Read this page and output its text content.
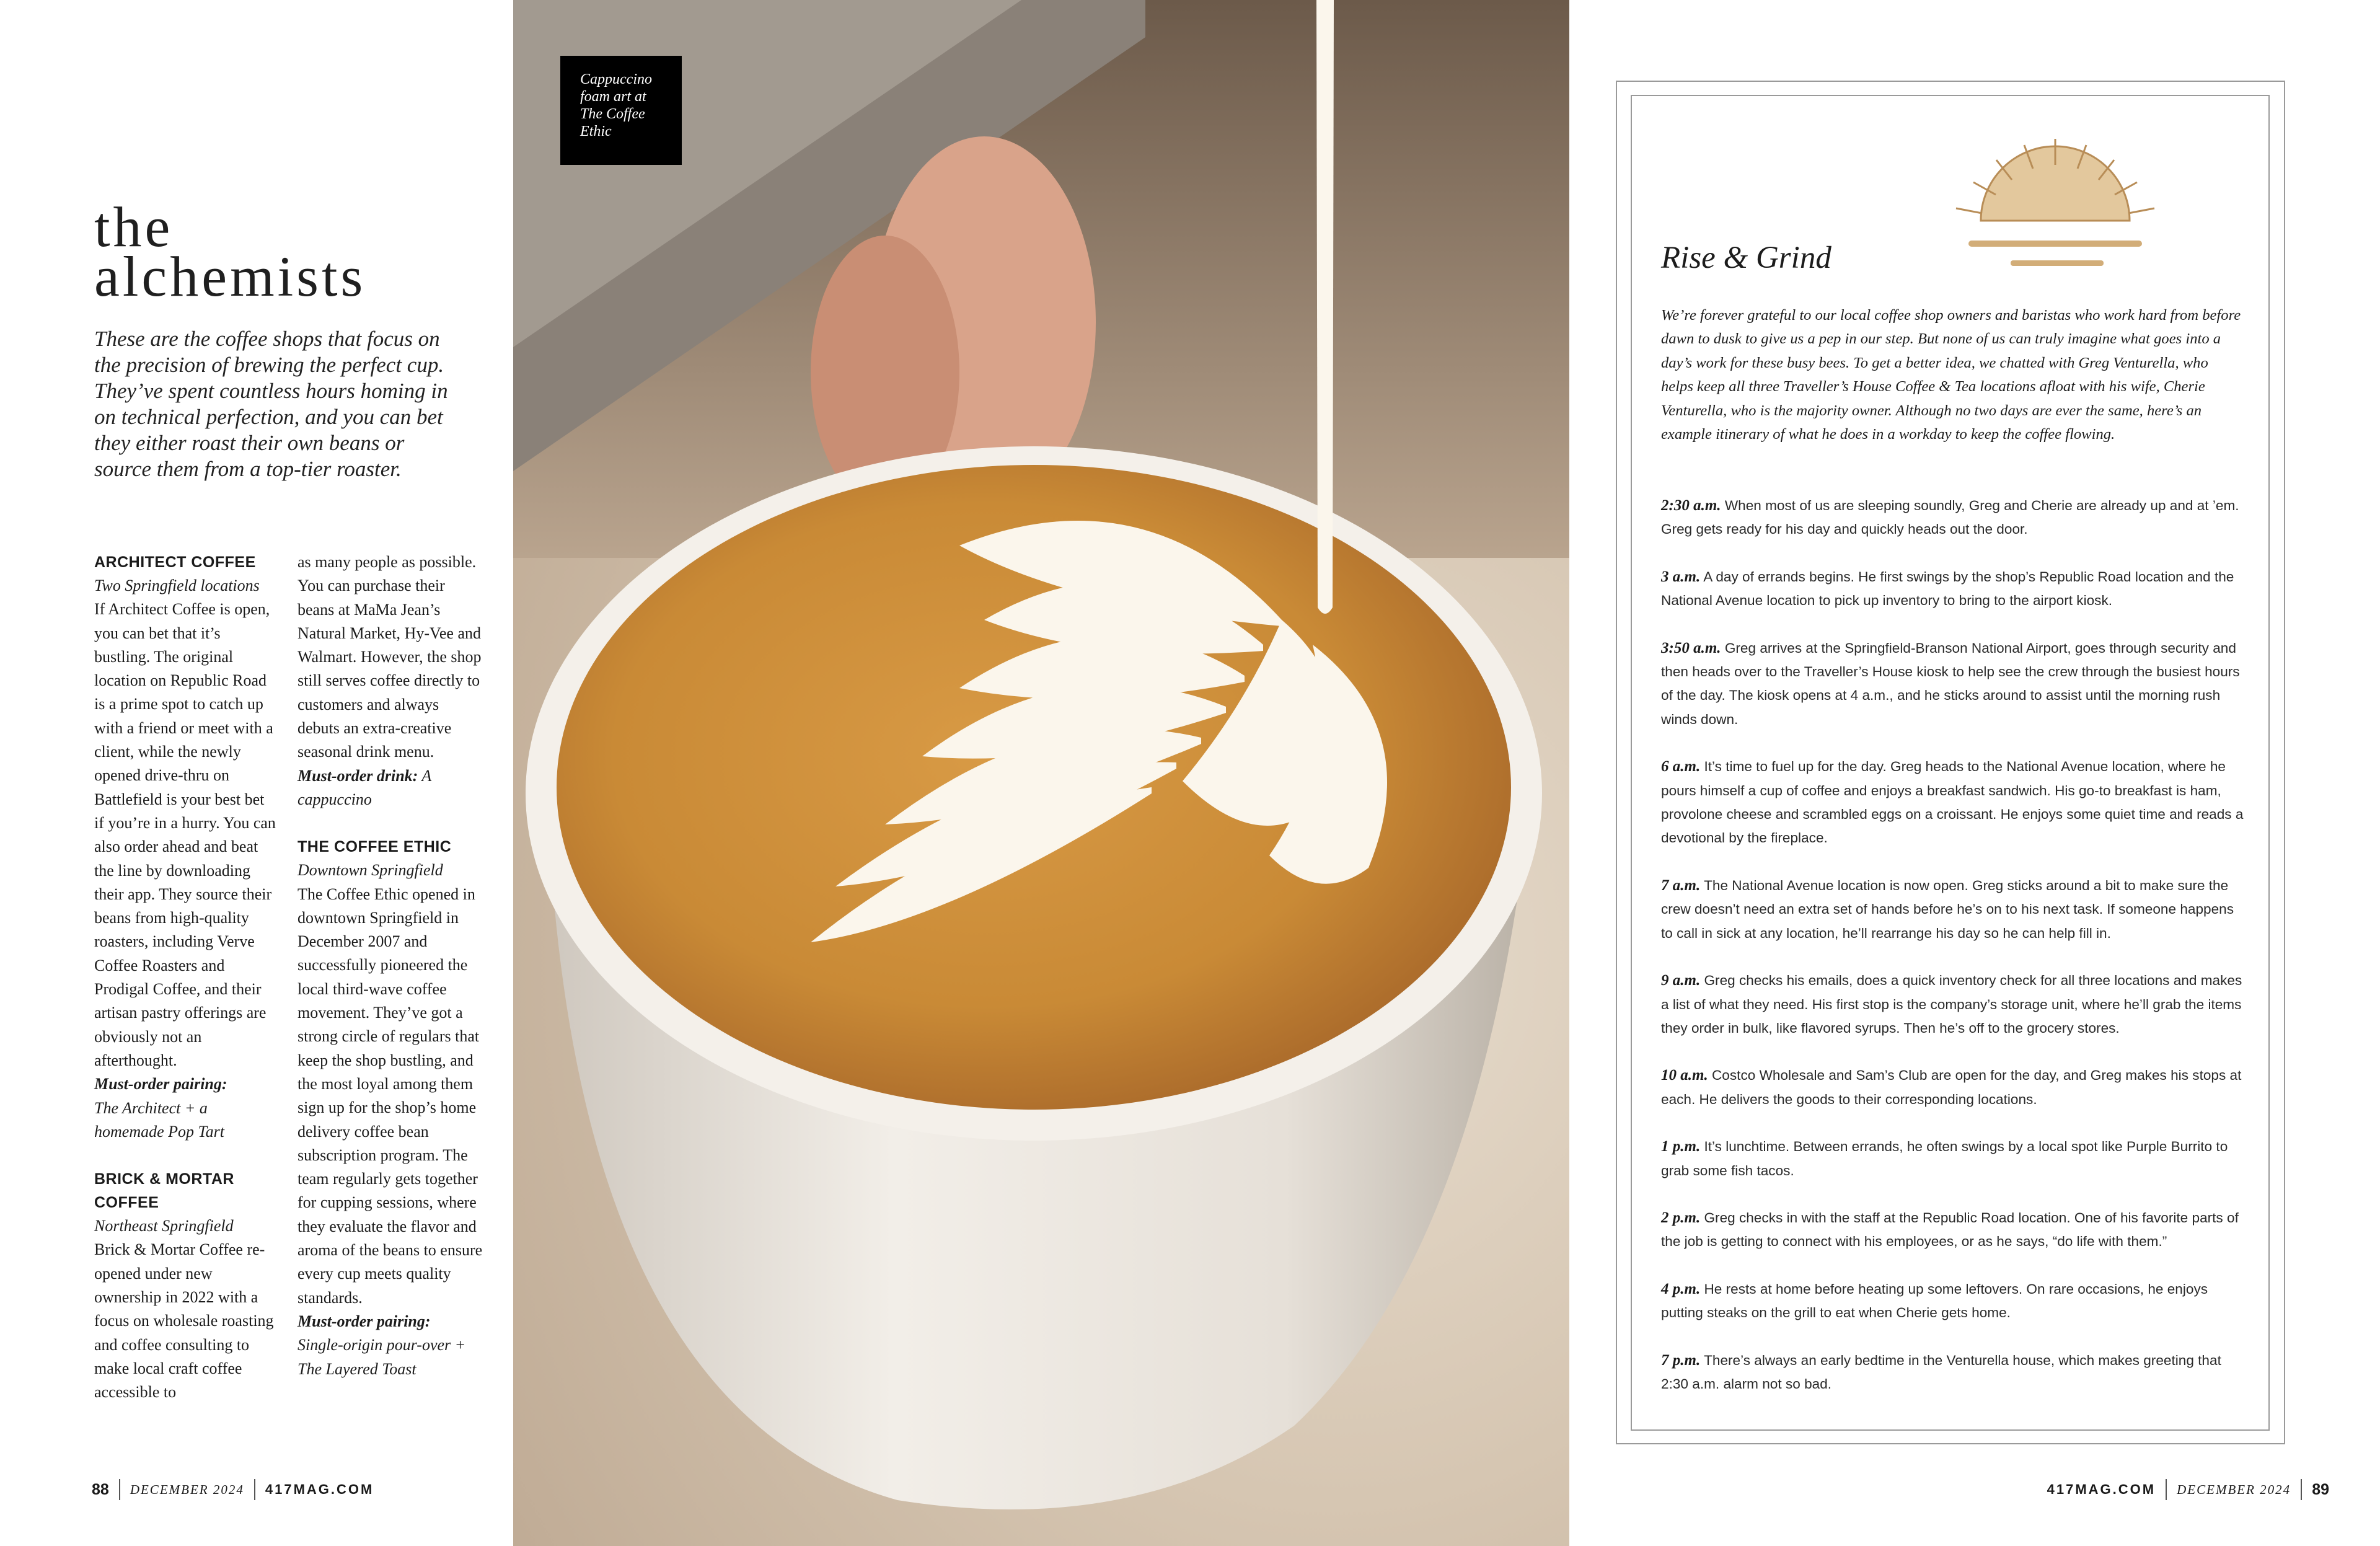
the
alchemists

These are the coffee shops that focus on the precision of brewing the perfect cup. They’ve spent countless hours homing in on technical perfection, and you can bet they either roast their own beans or source them from a top-tier roaster.

ARCHITECT COFFEE

Two Springfield locations

If Architect Coffee is open, you can bet that it’s bustling. The original location on Republic Road is a prime spot to catch up with a friend or meet with a client, while the newly opened drive-thru on Battlefield is your best bet if you’re in a hurry. You can also order ahead and beat the line by downloading their app. They source their beans from high-quality roasters, including Verve Coffee Roasters and Prodigal Coffee, and their artisan pastry offerings are obviously not an afterthought.

Must-order pairing:
The Architect + a homemade Pop Tart

BRICK & MORTAR COFFEE

Northeast Springfield

Brick & Mortar Coffee re-opened under new ownership in 2022 with a focus on wholesale roasting and coffee consulting to make local craft coffee accessible to

as many people as possible. You can purchase their beans at MaMa Jean’s Natural Market, Hy-Vee and Walmart. However, the shop still serves coffee directly to customers and always debuts an extra-creative seasonal drink menu.

Must-order drink: A cappuccino

THE COFFEE ETHIC

Downtown Springfield

The Coffee Ethic opened in downtown Springfield in December 2007 and successfully pioneered the local third-wave coffee movement. They’ve got a strong circle of regulars that keep the shop bustling, and the most loyal among them sign up for the shop’s home delivery coffee bean subscription program. The team regularly gets together for cupping sessions, where they evaluate the flavor and aroma of the beans to ensure every cup meets quality standards.

Must-order pairing:
Single-origin pour-over + The Layered Toast

88 DECEMBER 2024 417MAG.COM
Cappuccino foam art at The Coffee Ethic
Rise & Grind

We’re forever grateful to our local coffee shop owners and baristas who work hard from before dawn to dusk to give us a pep in our step. But none of us can truly imagine what goes into a day’s work for these busy bees. To get a better idea, we chatted with Greg Venturella, who helps keep all three Traveller’s House Coffee & Tea locations afloat with his wife, Cherie Venturella, who is the majority owner. Although no two days are ever the same, here’s an example itinerary of what he does in a workday to keep the coffee flowing.

2:30 a.m. When most of us are sleeping soundly, Greg and Cherie are already up and at ’em. Greg gets ready for his day and quickly heads out the door.

3 a.m. A day of errands begins. He first swings by the shop’s Republic Road location and the National Avenue location to pick up inventory to bring to the airport kiosk.

3:50 a.m. Greg arrives at the Springfield-Branson National Airport, goes through security and then heads over to the Traveller’s House kiosk to help see the crew through the busiest hours of the day. The kiosk opens at 4 a.m., and he sticks around to assist until the morning rush winds down.

6 a.m. It’s time to fuel up for the day. Greg heads to the National Avenue location, where he pours himself a cup of coffee and enjoys a breakfast sandwich. His go-to breakfast is ham, provolone cheese and scrambled eggs on a croissant. He enjoys some quiet time and reads a devotional by the fireplace.

7 a.m. The National Avenue location is now open. Greg sticks around a bit to make sure the crew doesn’t need an extra set of hands before he’s on to his next task. If someone happens to call in sick at any location, he’ll rearrange his day so he can help fill in.

9 a.m. Greg checks his emails, does a quick inventory check for all three locations and makes a list of what they need. His first stop is the company’s storage unit, where he’ll grab the items they order in bulk, like flavored syrups. Then he’s off to the grocery stores.

10 a.m. Costco Wholesale and Sam’s Club are open for the day, and Greg makes his stops at each. He delivers the goods to their corresponding locations.

1 p.m. It’s lunchtime. Between errands, he often swings by a local spot like Purple Burrito to grab some fish tacos.

2 p.m. Greg checks in with the staff at the Republic Road location. One of his favorite parts of the job is getting to connect with his employees, or as he says, “do life with them.”

4 p.m. He rests at home before heating up some leftovers. On rare occasions, he enjoys putting steaks on the grill to eat when Cherie gets home.

7 p.m. There’s always an early bedtime in the Venturella house, which makes greeting that 2:30 a.m. alarm not so bad.

417MAG.COM DECEMBER 2024 89
